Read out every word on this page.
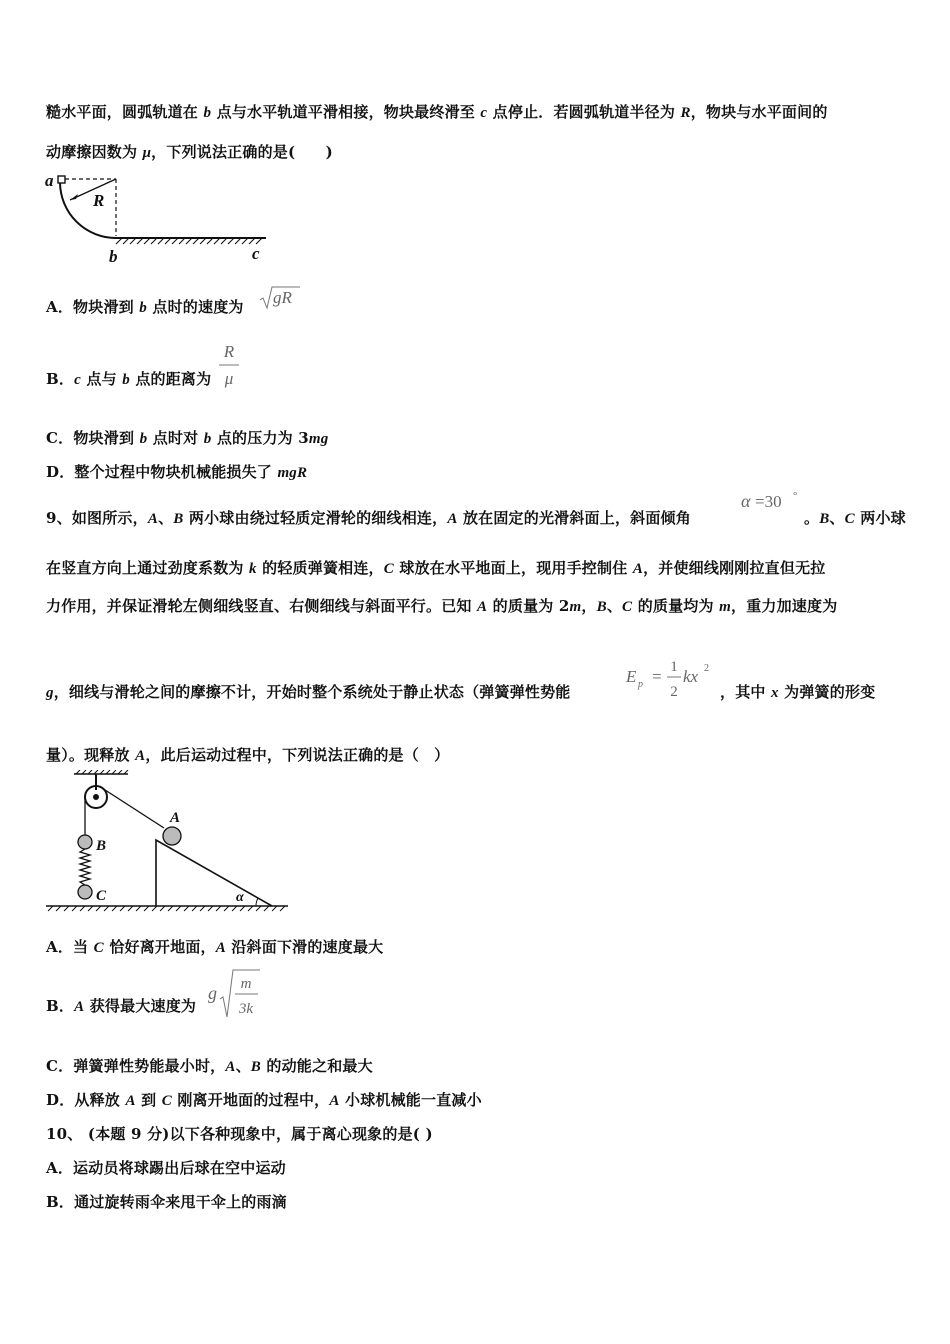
糙水平面，圆弧轨道在 b 点与水平轨道平滑相接，物块最终滑至 c 点停止．若圆弧轨道半径为 R，物块与水平面间的
动摩擦因数为 μ，下列说法正确的是(　　)
a
R
b	c
A．物块滑到 b 点时的速度为 gR
B．c 点与 b 点的距离为
R
μ
C．物块滑到 b 点时对 b 点的压力为 3mg
D．整个过程中物块机械能损失了 mgR
9、如图所示，A、B 两小球由绕过轻质定滑轮的细线相连，A 放在固定的光滑斜面上，斜面倾角
α =30 °
。B、C 两小球
在竖直方向上通过劲度系数为 k 的轻质弹簧相连，C 球放在水平地面上，现用手控制住 A，并使细线刚刚拉直但无拉
力作用，并保证滑轮左侧细线竖直、右侧细线与斜面平行。已知 A 的质量为 2m，B、C 的质量均为 m，重力加速度为
g，细线与滑轮之间的摩擦不计，开始时整个系统处于静止状态（弹簧弹性势能
E p = 1
2
kx 2
，其中 x 为弹簧的形变
量）。现释放 A，此后运动过程中，下列说法正确的是（　）
A
B
C	α
A．当 C 恰好离开地面，A 沿斜面下滑的速度最大
B．A 获得最大速度为
g m
3k
C．弹簧弹性势能最小时，A、B 的动能之和最大
D．从释放 A 到 C 刚离开地面的过程中，A 小球机械能一直减小
10、 (本题 9 分)以下各种现象中，属于离心现象的是( )
A．运动员将球踢出后球在空中运动
B．通过旋转雨伞来甩干伞上的雨滴
